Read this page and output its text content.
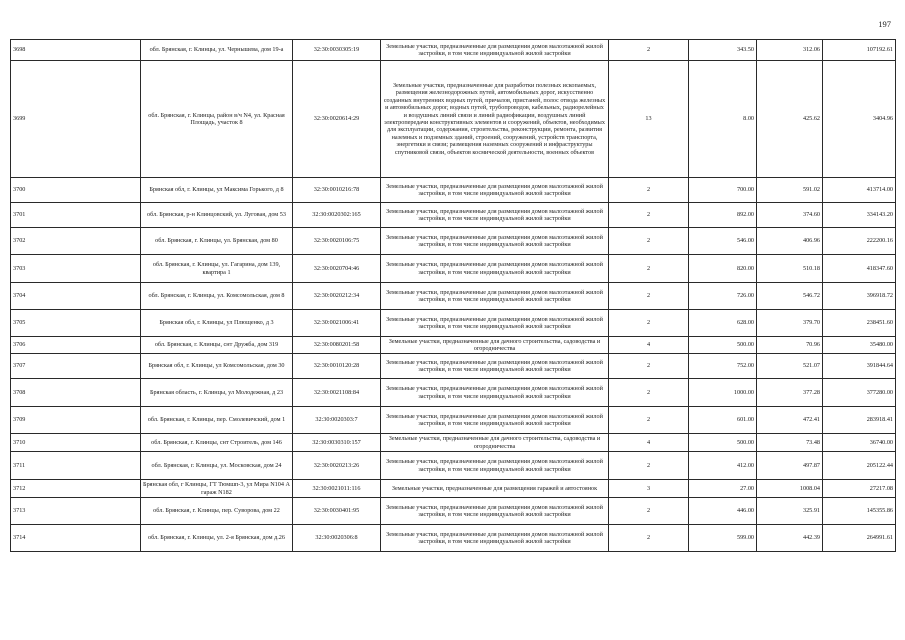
197
3698	обл. Брянская, г. Клинцы, ул. Чернышева, дом 19-а	32:30:0030305:19	Земельные участки, предназначенные для размещения домов малоэтажной жилой застройки, в том числе индивидуальной жилой застройки	2	343.50	312.06	107192.61
3699	обл. Брянская, г. Клинцы, район в/ч N4, ул. Красная Площадь, участок 8	32:30:0020614:29	Земельные участки, предназначенные для разработки полезных ископаемых, размещения железнодорожных путей, автомобильных дорог, искусственно созданных внутренних водных путей, причалов, пристаней, полос отвода железных и автомобильных дорог, водных путей, трубопроводов, кабельных, радиорелейных и воздушных линий связи и линий радиофикации, воздушных линий электропередачи конструктивных элементов и сооружений, объектов, необходимых для эксплуатации, содержания, строительства, реконструкции, ремонта, развития наземных и подземных зданий, строений, сооружений, устройств транспорта, энергетики и связи; размещения наземных сооружений и инфраструктуры спутниковой связи, объектов космической деятельности, военных объектов	13	8.00	425.62	3404.96
3700	Брянская обл, г. Клинцы, ул Максима Горького, д 8	32:30:0010216:78	Земельные участки, предназначенные для размещения домов малоэтажной жилой застройки, в том числе индивидуальной жилой застройки	2	700.00	591.02	413714.00
3701	обл. Брянская, р-н Клинцовский, ул. Луговая, дом 53	32:30:0020302:165	Земельные участки, предназначенные для размещения домов малоэтажной жилой застройки, в том числе индивидуальной жилой застройки	2	892.00	374.60	334143.20
3702	обл. Брянская, г. Клинцы, ул. Брянская, дом 80	32:30:0020106:75	Земельные участки, предназначенные для размещения домов малоэтажной жилой застройки, в том числе индивидуальной жилой застройки	2	546.00	406.96	222200.16
3703	обл. Брянская, г. Клинцы, ул. Гагарина, дом 139, квартира 1	32:30:0020704:46	Земельные участки, предназначенные для размещения домов малоэтажной жилой застройки, в том числе индивидуальной жилой застройки	2	820.00	510.18	418347.60
3704	обл. Брянская, г. Клинцы, ул. Комсомольская, дом 8	32:30:0020212:34	Земельные участки, предназначенные для размещения домов малоэтажной жилой застройки, в том числе индивидуальной жилой застройки	2	726.00	546.72	396918.72
3705	Брянская обл, г. Клинцы, ул Плющенко, д 3	32:30:0021006:41	Земельные участки, предназначенные для размещения домов малоэтажной жилой застройки, в том числе индивидуальной жилой застройки	2	628.00	379.70	238451.60
3706	обл. Брянская, г. Клинцы, снт Дружба, дом 319	32:30:0080201:58	Земельные участки, предназначенные для дачного строительства, садоводства и огородничества	4	500.00	70.96	35480.00
3707	Брянская обл, г. Клинцы, ул Комсомольская, дом 30	32:30:0010120:28	Земельные участки, предназначенные для размещения домов малоэтажной жилой застройки, в том числе индивидуальной жилой застройки	2	752.00	521.07	391844.64
3708	Брянская область, г. Клинцы, ул Молодежная, д 23	32:30:0021108:84	Земельные участки, предназначенные для размещения домов малоэтажной жилой застройки, в том числе индивидуальной жилой застройки	2	1000.00	377.28	377280.00
3709	обл. Брянская, г. Клинцы, пер. Смолевичский, дом 1	32:30:0020303:7	Земельные участки, предназначенные для размещения домов малоэтажной жилой застройки, в том числе индивидуальной жилой застройки	2	601.00	472.41	283918.41
3710	обл. Брянская, г. Клинцы, снт Строитель, дом 146	32:30:0030310:157	Земельные участки, предназначенные для дачного строительства, садоводства и огородничества	4	500.00	73.48	36740.00
3711	обл. Брянская, г. Клинцы, ул. Московская, дом 24	32:30:0020213:26	Земельные участки, предназначенные для размещения домов малоэтажной жилой застройки, в том числе индивидуальной жилой застройки	2	412.00	497.87	205122.44
3712	Брянская обл, г Клинцы, ГТ Тюмшп-3, ул Мира N104 А гараж N182	32:30:0021011:116	Земельные участки, предназначенные для размещения гаражей и автостоянок	3	27.00	1008.04	27217.08
3713	обл. Брянская, г. Клинцы, пер. Суворова, дом 22	32:30:0030401:95	Земельные участки, предназначенные для размещения домов малоэтажной жилой застройки, в том числе индивидуальной жилой застройки	2	446.00	325.91	145355.86
3714	обл. Брянская, г. Клинцы, ул. 2-я Брянская, дом д.26	32:30:0020306:8	Земельные участки, предназначенные для размещения домов малоэтажной жилой застройки, в том числе индивидуальной жилой застройки	2	599.00	442.39	264991.61
